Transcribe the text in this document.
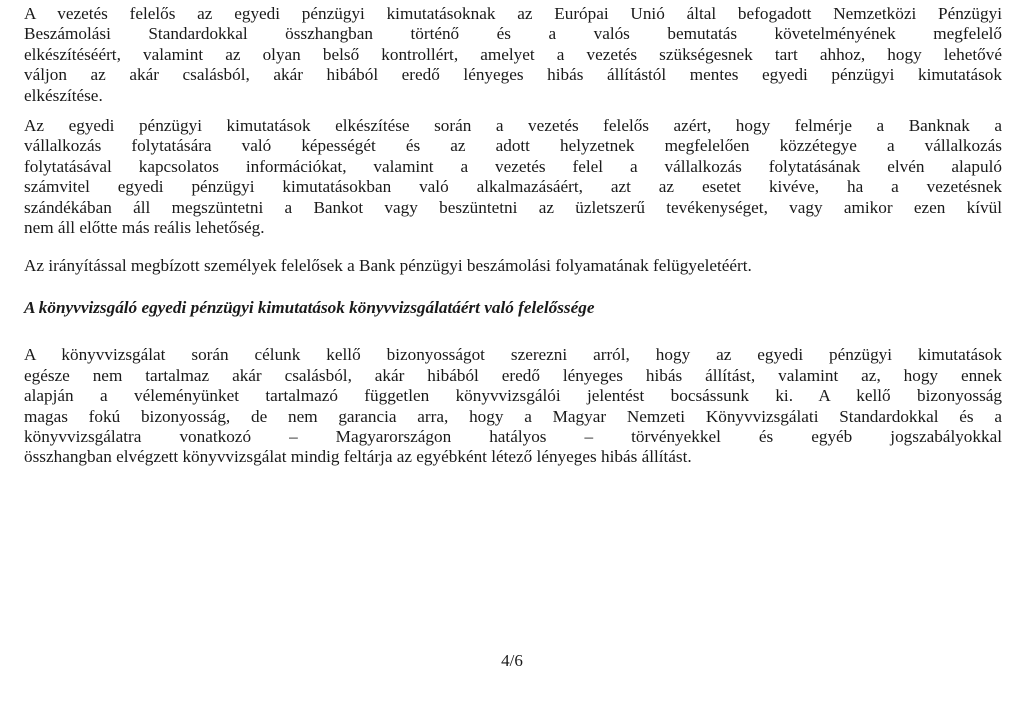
A vezetés felelős az egyedi pénzügyi kimutatásoknak az Európai Unió által befogadott Nemzetközi Pénzügyi
Beszámolási Standardokkal összhangban történő és a valós bemutatás követelményének megfelelő
elkészítéséért, valamint az olyan belső kontrollért, amelyet a vezetés szükségesnek tart ahhoz, hogy lehetővé
váljon az akár csalásból, akár hibából eredő lényeges hibás állítástól mentes egyedi pénzügyi kimutatások
elkészítése.

Az egyedi pénzügyi kimutatások elkészítése során a vezetés felelős azért, hogy felmérje a Banknak a
vállalkozás folytatására való képességét és az adott helyzetnek megfelelően közzétegye a vállalkozás
folytatásával kapcsolatos információkat, valamint a vezetés felel a vállalkozás folytatásának elvén alapuló
számvitel egyedi pénzügyi kimutatásokban való alkalmazásáért, azt az esetet kivéve, ha a vezetésnek
szándékában áll megszüntetni a Bankot vagy beszüntetni az üzletszerű tevékenységet, vagy amikor ezen kívül
nem áll előtte más reális lehetőség.

Az irányítással megbízott személyek felelősek a Bank pénzügyi beszámolási folyamatának felügyeletéért.

A könyvvizsgáló egyedi pénzügyi kimutatások könyvvizsgálatáért való felelőssége

A könyvvizsgálat során célunk kellő bizonyosságot szerezni arról, hogy az egyedi pénzügyi kimutatások
egésze nem tartalmaz akár csalásból, akár hibából eredő lényeges hibás állítást, valamint az, hogy ennek
alapján a véleményünket tartalmazó független könyvvizsgálói jelentést bocsássunk ki. A kellő bizonyosság
magas fokú bizonyosság, de nem garancia arra, hogy a Magyar Nemzeti Könyvvizsgálati Standardokkal és a
könyvvizsgálatra vonatkozó – Magyarországon hatályos – törvényekkel és egyéb jogszabályokkal
összhangban elvégzett könyvvizsgálat mindig feltárja az egyébként létező lényeges hibás állítást.

4/6
